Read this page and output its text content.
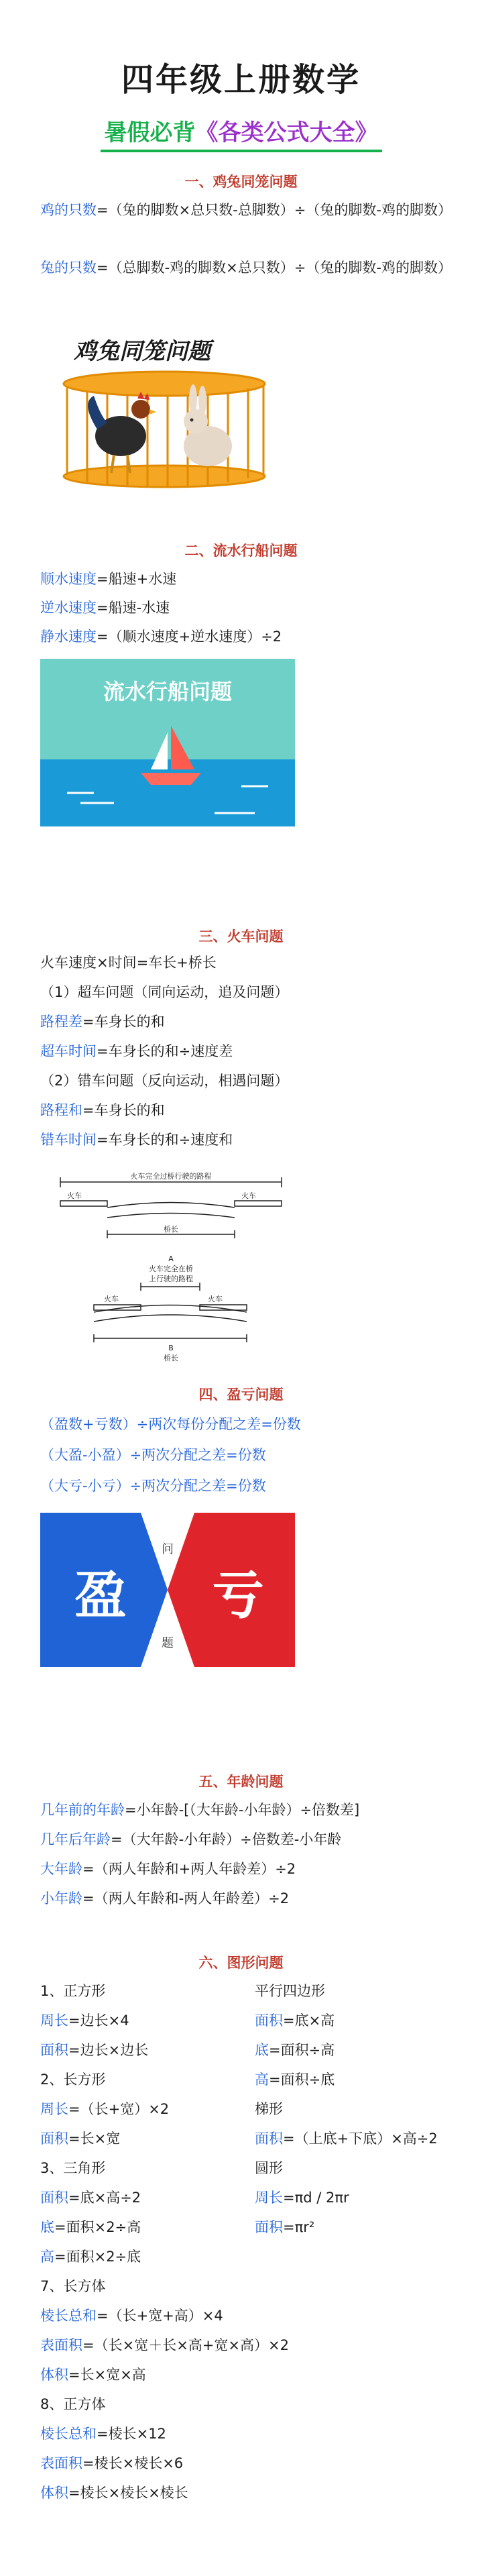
四年级上册数学
暑假必背《各类公式大全》
一、鸡兔同笼问题
鸡的只数=（兔的脚数×总只数-总脚数）÷（兔的脚数-鸡的脚数）
兔的只数=（总脚数-鸡的脚数×总只数）÷（兔的脚数-鸡的脚数）
鸡兔同笼问题
二、流水行船问题
顺水速度=船速+水速
逆水速度=船速-水速
静水速度=（顺水速度+逆水速度）÷2
流水行船问题
三、火车问题
火车速度×时间=车长+桥长
（1）超车问题（同向运动，追及问题）
路程差=车身长的和
超车时间=车身长的和÷速度差
（2）错车问题（反向运动，相遇问题）
路程和=车身长的和
错车时间=车身长的和÷速度和
火车完全过桥行驶的路程
火车	火车
桥长
A
火车完全在桥
上行驶的路程
火车	火车
B
桥长
四、盈亏问题
（盈数+亏数）÷两次每份分配之差=份数
（大盈-小盈）÷两次分配之差=份数
（大亏-小亏）÷两次分配之差=份数
盈 亏
问
题
五、年龄问题
几年前的年龄=小年龄-[（大年龄-小年龄）÷倍数差]
几年后年龄=（大年龄-小年龄）÷倍数差-小年龄
大年龄=（两人年龄和+两人年龄差）÷2
小年龄=（两人年龄和-两人年龄差）÷2
六、图形问题
1、正方形
周长=边长×4
面积=边长×边长
2、长方形
周长=（长+宽）×2
面积=长×宽
3、三角形
面积=底×高÷2
底=面积×2÷高
高=面积×2÷底
7、长方体
棱长总和=（长+宽+高）×4
表面积=（长×宽＋长×高+宽×高）×2
体积=长×宽×高
8、正方体
棱长总和=棱长×12
表面积=棱长×棱长×6
体积=棱长×棱长×棱长
平行四边形
面积=底×高
底=面积÷高
高=面积÷底
梯形
面积=（上底+下底）×高÷2
圆形
周长=πd / 2πr
面积=πr²
